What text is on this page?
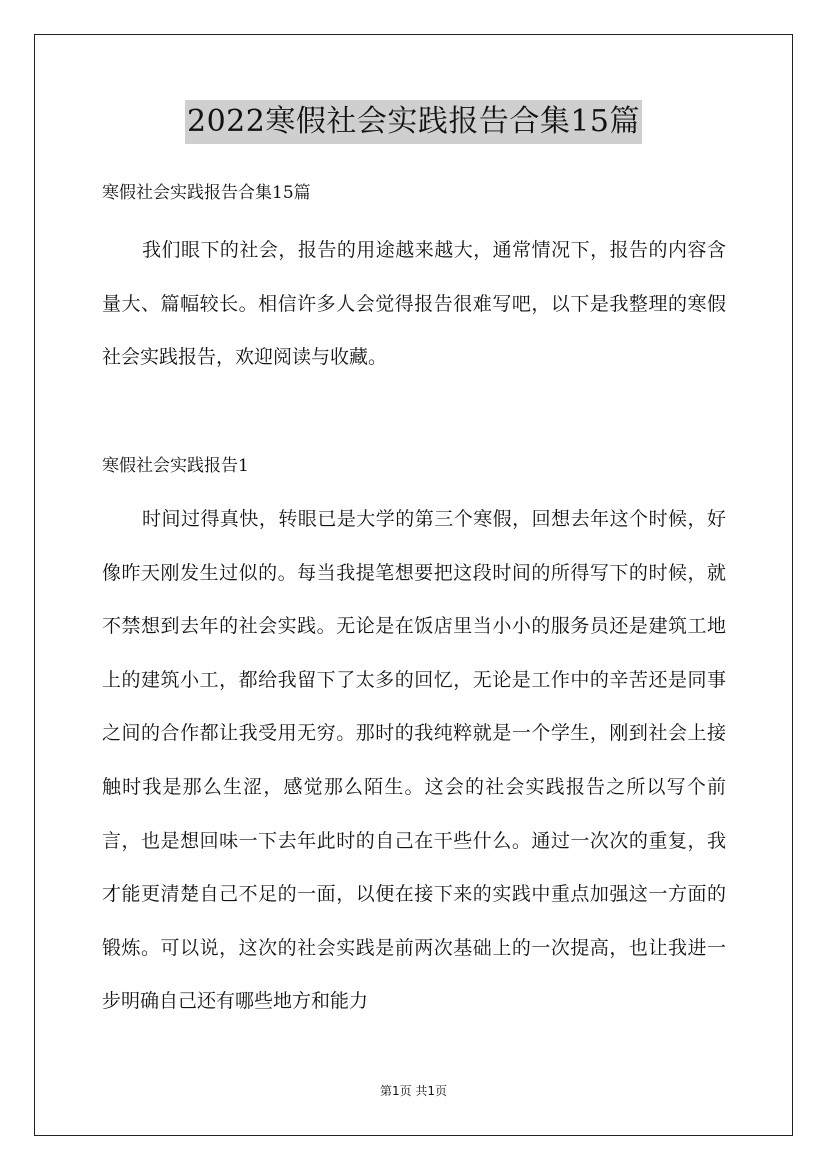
2022寒假社会实践报告合集15篇
寒假社会实践报告合集15篇

我们眼下的社会，报告的用途越来越大，通常情况下，报告的内容含量大、篇幅较长。相信许多人会觉得报告很难写吧，以下是我整理的寒假社会实践报告，欢迎阅读与收藏。

寒假社会实践报告1

时间过得真快，转眼已是大学的第三个寒假，回想去年这个时候，好像昨天刚发生过似的。每当我提笔想要把这段时间的所得写下的时候，就不禁想到去年的社会实践。无论是在饭店里当小小的服务员还是建筑工地上的建筑小工，都给我留下了太多的回忆，无论是工作中的辛苦还是同事之间的合作都让我受用无穷。那时的我纯粹就是一个学生，刚到社会上接触时我是那么生涩，感觉那么陌生。这会的社会实践报告之所以写个前言，也是想回味一下去年此时的自己在干些什么。通过一次次的重复，我才能更清楚自己不足的一面，以便在接下来的实践中重点加强这一方面的锻炼。可以说，这次的社会实践是前两次基础上的一次提高，也让我进一步明确自己还有哪些地方和能力

第1页 共1页
